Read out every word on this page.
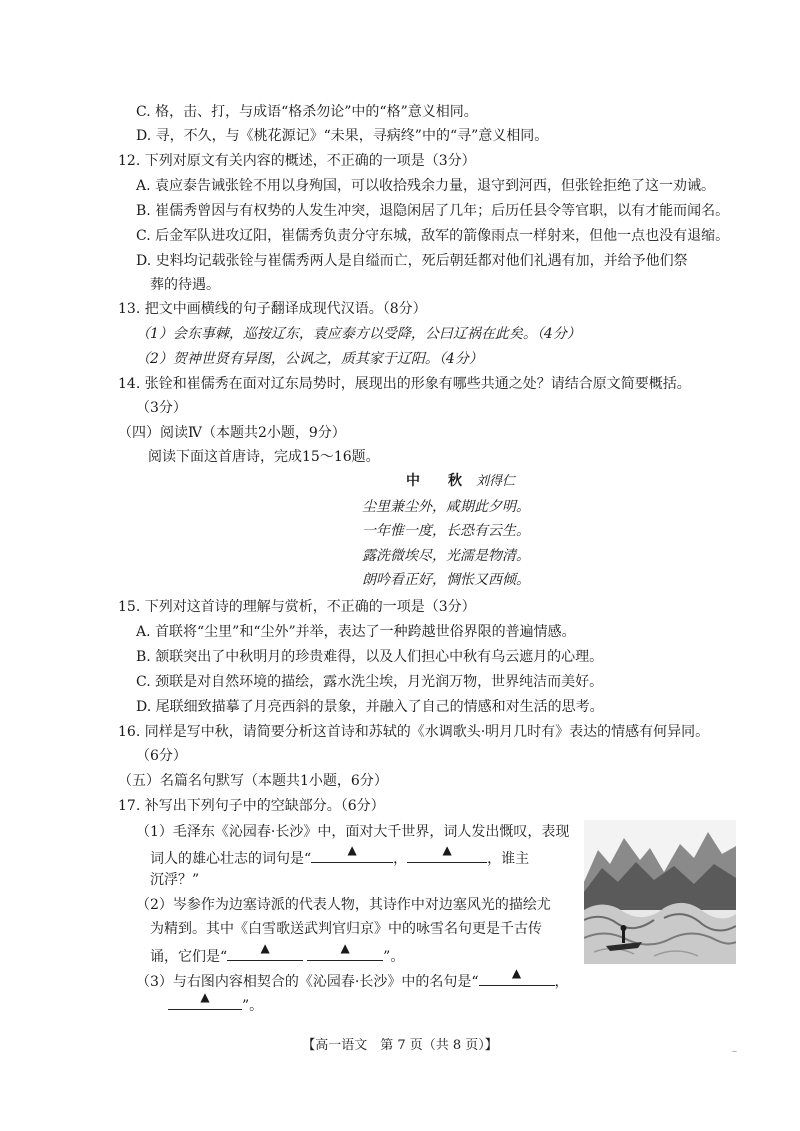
C. 格，击、打，与成语“格杀勿论”中的“格”意义相同。
D. 寻，不久，与《桃花源记》“未果，寻病终”中的“寻”意义相同。
12. 下列对原文有关内容的概述，不正确的一项是（3分）
A. 袁应泰告诫张铨不用以身殉国，可以收拾残余力量，退守到河西，但张铨拒绝了这一劝诫。
B. 崔儒秀曾因与有权势的人发生冲突，退隐闲居了几年；后历任县令等官职，以有才能而闻名。
C. 后金军队进攻辽阳，崔儒秀负责分守东城，敌军的箭像雨点一样射来，但他一点也没有退缩。
D. 史料均记载张铨与崔儒秀两人是自缢而亡，死后朝廷都对他们礼遇有加，并给予他们祭
葬的待遇。
13. 把文中画横线的句子翻译成现代汉语。（8分）
（1）会东事棘，巡按辽东，袁应泰方以受降，公曰辽祸在此矣。（4分）
（2）贺神世贤有异图，公讽之，质其家于辽阳。（4分）
14. 张铨和崔儒秀在面对辽东局势时，展现出的形象有哪些共通之处？请结合原文简要概括。
（3分）
（四）阅读Ⅳ（本题共2小题，9分）
阅读下面这首唐诗，完成15～16题。
中　　秋 刘得仁
尘里兼尘外，咸期此夕明。
一年惟一度，长恐有云生。
露洗微埃尽，光濡是物清。
朗吟看正好，惆怅又西倾。
15. 下列对这首诗的理解与赏析，不正确的一项是（3分）
A. 首联将“尘里”和“尘外”并举，表达了一种跨越世俗界限的普遍情感。
B. 颔联突出了中秋明月的珍贵难得，以及人们担心中秋有乌云遮月的心理。
C. 颈联是对自然环境的描绘，露水洗尘埃，月光润万物，世界纯洁而美好。
D. 尾联细致描摹了月亮西斜的景象，并融入了自己的情感和对生活的思考。
16. 同样是写中秋，请简要分析这首诗和苏轼的《水调歌头·明月几时有》表达的情感有何异同。
（6分）
（五）名篇名句默写（本题共1小题，6分）
17. 补写出下列句子中的空缺部分。（6分）
（1）毛泽东《沁园春·长沙》中，面对大千世界，词人发出慨叹，表现
词人的雄心壮志的词句是“
▲
，
▲
，谁主
沉浮？”
（2）岑参作为边塞诗派的代表人物，其诗作中对边塞风光的描绘尤
为精到。其中《白雪歌送武判官归京》中的咏雪名句更是千古传
诵，它们是“
▲	▲
”。
（3）与右图内容相契合的《沁园春·长沙》中的名句是“
▲
，
▲
”。
【高一语文　第 7 页（共 8 页）】	–
